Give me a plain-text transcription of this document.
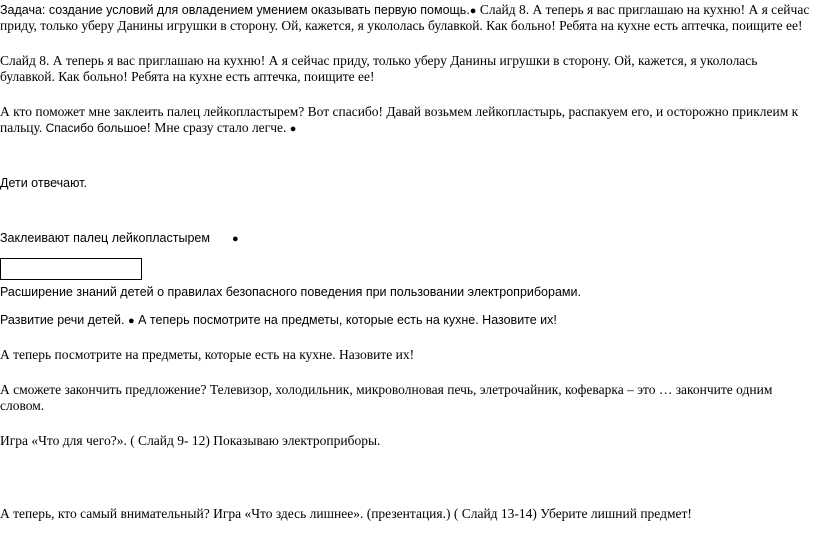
Задача: создание условий для овладением умением оказывать первую помощь.● Слайд 8. А теперь я вас приглашаю на кухню! А я сейчас
приду, только уберу Данины игрушки в сторону. Ой, кажется, я укололась булавкой. Как больно! Ребята на кухне есть аптечка, поищите ее!
Слайд 8. А теперь я вас приглашаю на кухню! А я сейчас приду, только уберу Данины игрушки в сторону. Ой, кажется, я укололась
булавкой. Как больно! Ребята на кухне есть аптечка, поищите ее!
А кто поможет мне заклеить палец лейкопластырем? Вот спасибо! Давай возьмем лейкопластырь, распакуем его, и осторожно приклеим к
пальцу. Спасибо большое! Мне сразу стало легче. ●
Дети отвечают.
Заклеивают палец лейкопластырем ●
Расширение знаний детей о правилах безопасного поведения при пользовании электроприборами.
Развитие речи детей. ● А теперь посмотрите на предметы, которые есть на кухне. Назовите их!
А теперь посмотрите на предметы, которые есть на кухне. Назовите их!
А сможете закончить предложение? Телевизор, холодильник, микроволновая печь, элетрочайник, кофеварка – это … закончите одним
словом.
Игра «Что для чего?». ( Слайд 9- 12) Показываю электроприборы.
А теперь, кто самый внимательный? Игра «Что здесь лишнее». (презентация.) ( Слайд 13-14) Уберите лишний предмет!
